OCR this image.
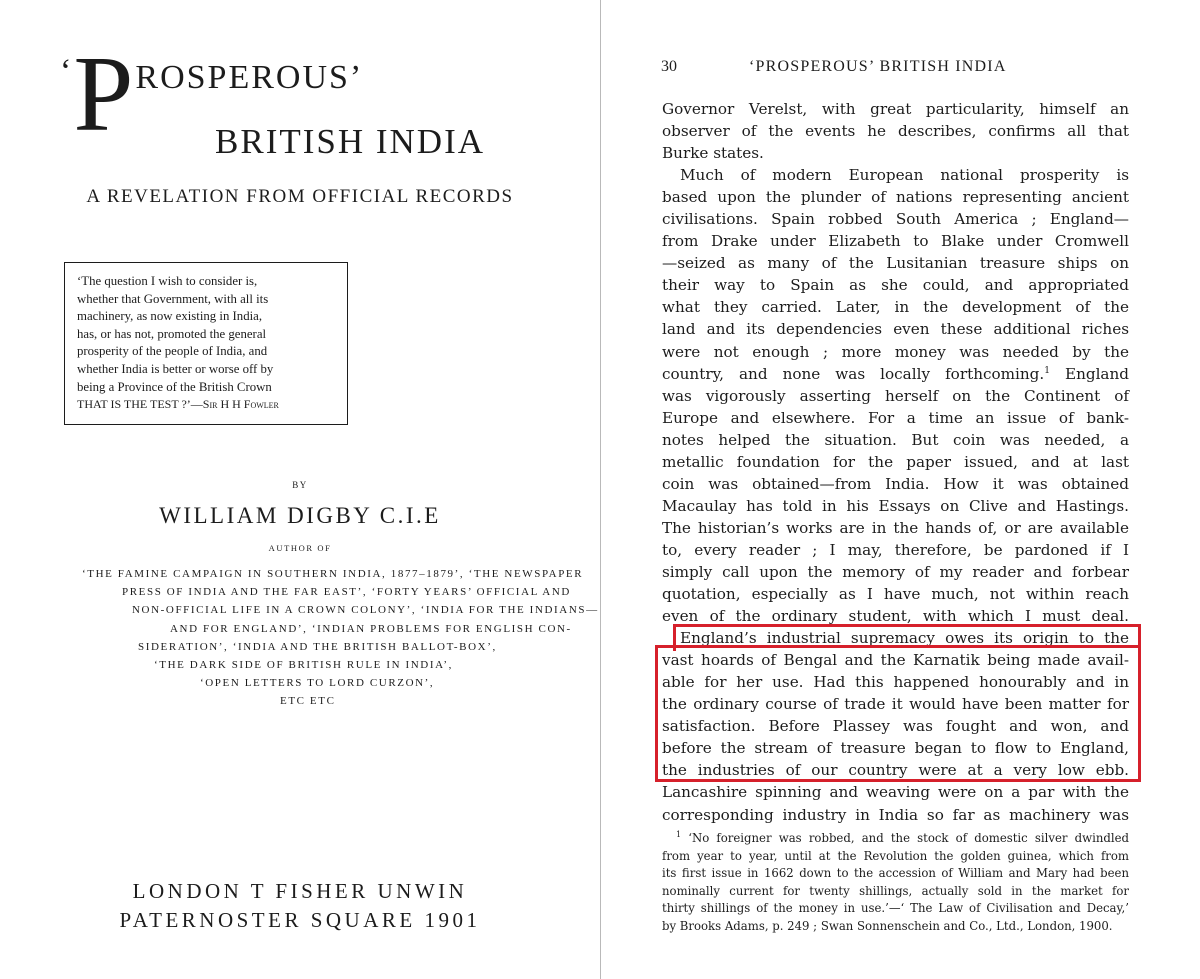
‘PROSPEROUS’
BRITISH INDIA
A REVELATION FROM OFFICIAL RECORDS
‘The question I wish to consider is,
whether that Government, with all its
machinery, as now existing in India,
has, or has not, promoted the general
prosperity of the people of India, and
whether India is better or worse off by
being a Province of the British Crown
THAT IS THE TEST ?’—Sir H H Fowler
BY
WILLIAM DIGBY C.I.E
AUTHOR OF
‘THE FAMINE CAMPAIGN IN SOUTHERN INDIA, 1877–1879’, ‘THE NEWSPAPER
PRESS OF INDIA AND THE FAR EAST’, ‘FORTY YEARS’ OFFICIAL AND
NON-OFFICIAL LIFE IN A CROWN COLONY’, ‘INDIA FOR THE INDIANS—
AND FOR ENGLAND’, ‘INDIAN PROBLEMS FOR ENGLISH CON-
SIDERATION’, ‘INDIA AND THE BRITISH BALLOT-BOX’,
‘THE DARK SIDE OF BRITISH RULE IN INDIA’,
‘OPEN LETTERS TO LORD CURZON’,
ETC ETC
LONDON T FISHER UNWIN
PATERNOSTER SQUARE 1901
30	‘PROSPEROUS’ BRITISH INDIA
Governor Verelst, with great particularity, himself an
observer of the events he describes, confirms all that
Burke states.
Much of modern European national prosperity is
based upon the plunder of nations representing ancient
civilisations. Spain robbed South America ; England—
from Drake under Elizabeth to Blake under Cromwell
—seized as many of the Lusitanian treasure ships on
their way to Spain as she could, and appropriated
what they carried. Later, in the development of the
land and its dependencies even these additional riches
were not enough ; more money was needed by the
country, and none was locally forthcoming.$^1$ England
was vigorously asserting herself on the Continent of
Europe and elsewhere. For a time an issue of bank-
notes helped the situation. But coin was needed, a
metallic foundation for the paper issued, and at last
coin was obtained—from India. How it was obtained
Macaulay has told in his Essays on Clive and Hastings.
The historian’s works are in the hands of, or are available
to, every reader ; I may, therefore, be pardoned if I
simply call upon the memory of my reader and forbear
quotation, especially as I have much, not within reach
even of the ordinary student, with which I must deal.
England’s industrial supremacy owes its origin to the
vast hoards of Bengal and the Karnatik being made avail-
able for her use. Had this happened honourably and in
the ordinary course of trade it would have been matter for
satisfaction. Before Plassey was fought and won, and
before the stream of treasure began to flow to England,
the industries of our country were at a very low ebb.
Lancashire spinning and weaving were on a par with the
corresponding industry in India so far as machinery was
$^1$ ‘No foreigner was robbed, and the stock of domestic silver dwindled
from year to year, until at the Revolution the golden guinea, which from
its first issue in 1662 down to the accession of William and Mary had been
nominally current for twenty shillings, actually sold in the market for
thirty shillings of the money in use.’—‘ The Law of Civilisation and Decay,’
by Brooks Adams, p. 249 ; Swan Sonnenschein and Co., Ltd., London, 1900.
